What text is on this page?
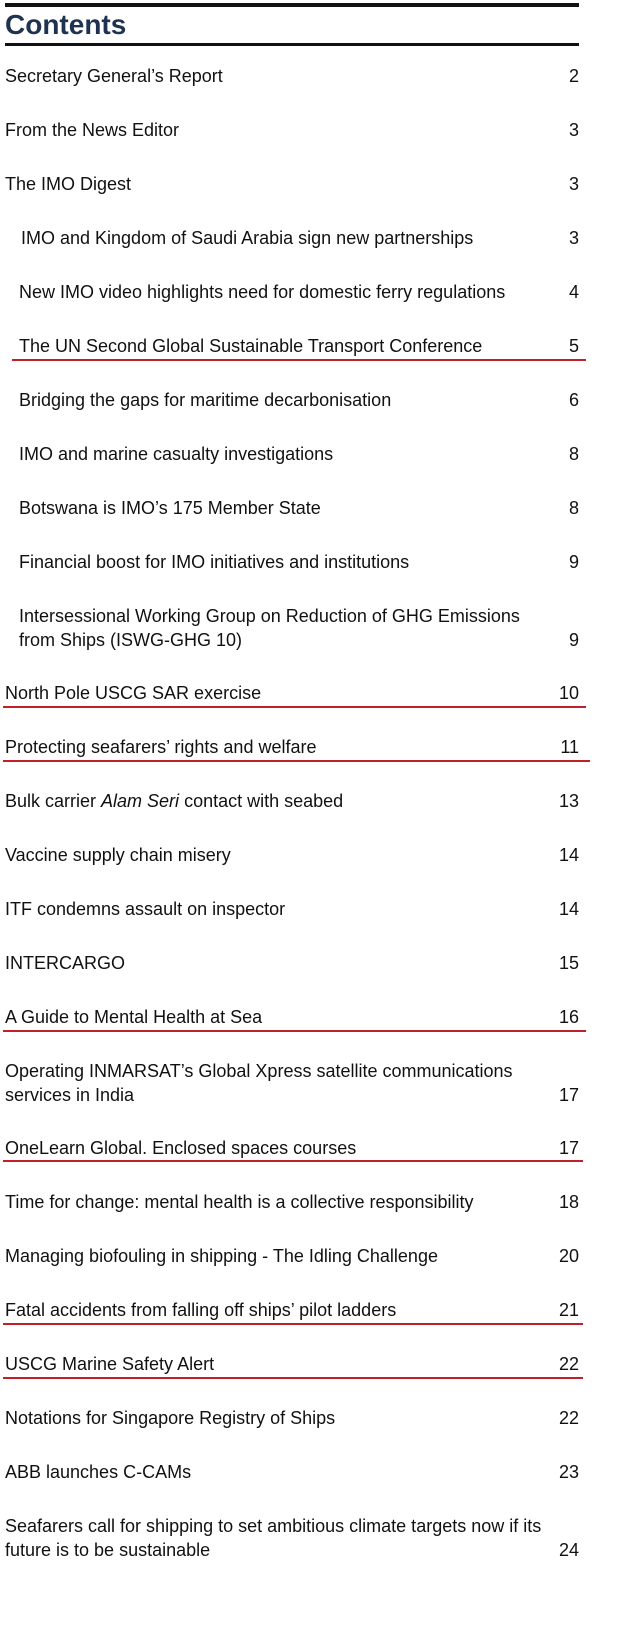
Contents
Secretary General’s Report	2
From the News Editor	3
The IMO Digest	3
IMO and Kingdom of Saudi Arabia sign new partnerships	3
New IMO video highlights need for domestic ferry regulations	4
The UN Second Global Sustainable Transport Conference	5
Bridging the gaps for maritime decarbonisation	6
IMO and marine casualty investigations	8
Botswana is IMO’s 175 Member State	8
Financial boost for IMO initiatives and institutions	9
Intersessional Working Group on Reduction of GHG Emissions from Ships (ISWG-GHG 10)	9
North Pole USCG SAR exercise	10
Protecting seafarers’ rights and welfare	11
Bulk carrier Alam Seri contact with seabed	13
Vaccine supply chain misery	14
ITF condemns assault on inspector	14
INTERCARGO	15
A Guide to Mental Health at Sea	16
Operating INMARSAT’s Global Xpress satellite communications services in India	17
OneLearn Global. Enclosed spaces courses	17
Time for change: mental health is a collective responsibility	18
Managing biofouling in shipping - The Idling Challenge	20
Fatal accidents from falling off ships’ pilot ladders	21
USCG Marine Safety Alert	22
Notations for Singapore Registry of Ships	22
ABB launches C-CAMs	23
Seafarers call for shipping to set ambitious climate targets now if its future is to be sustainable	24
